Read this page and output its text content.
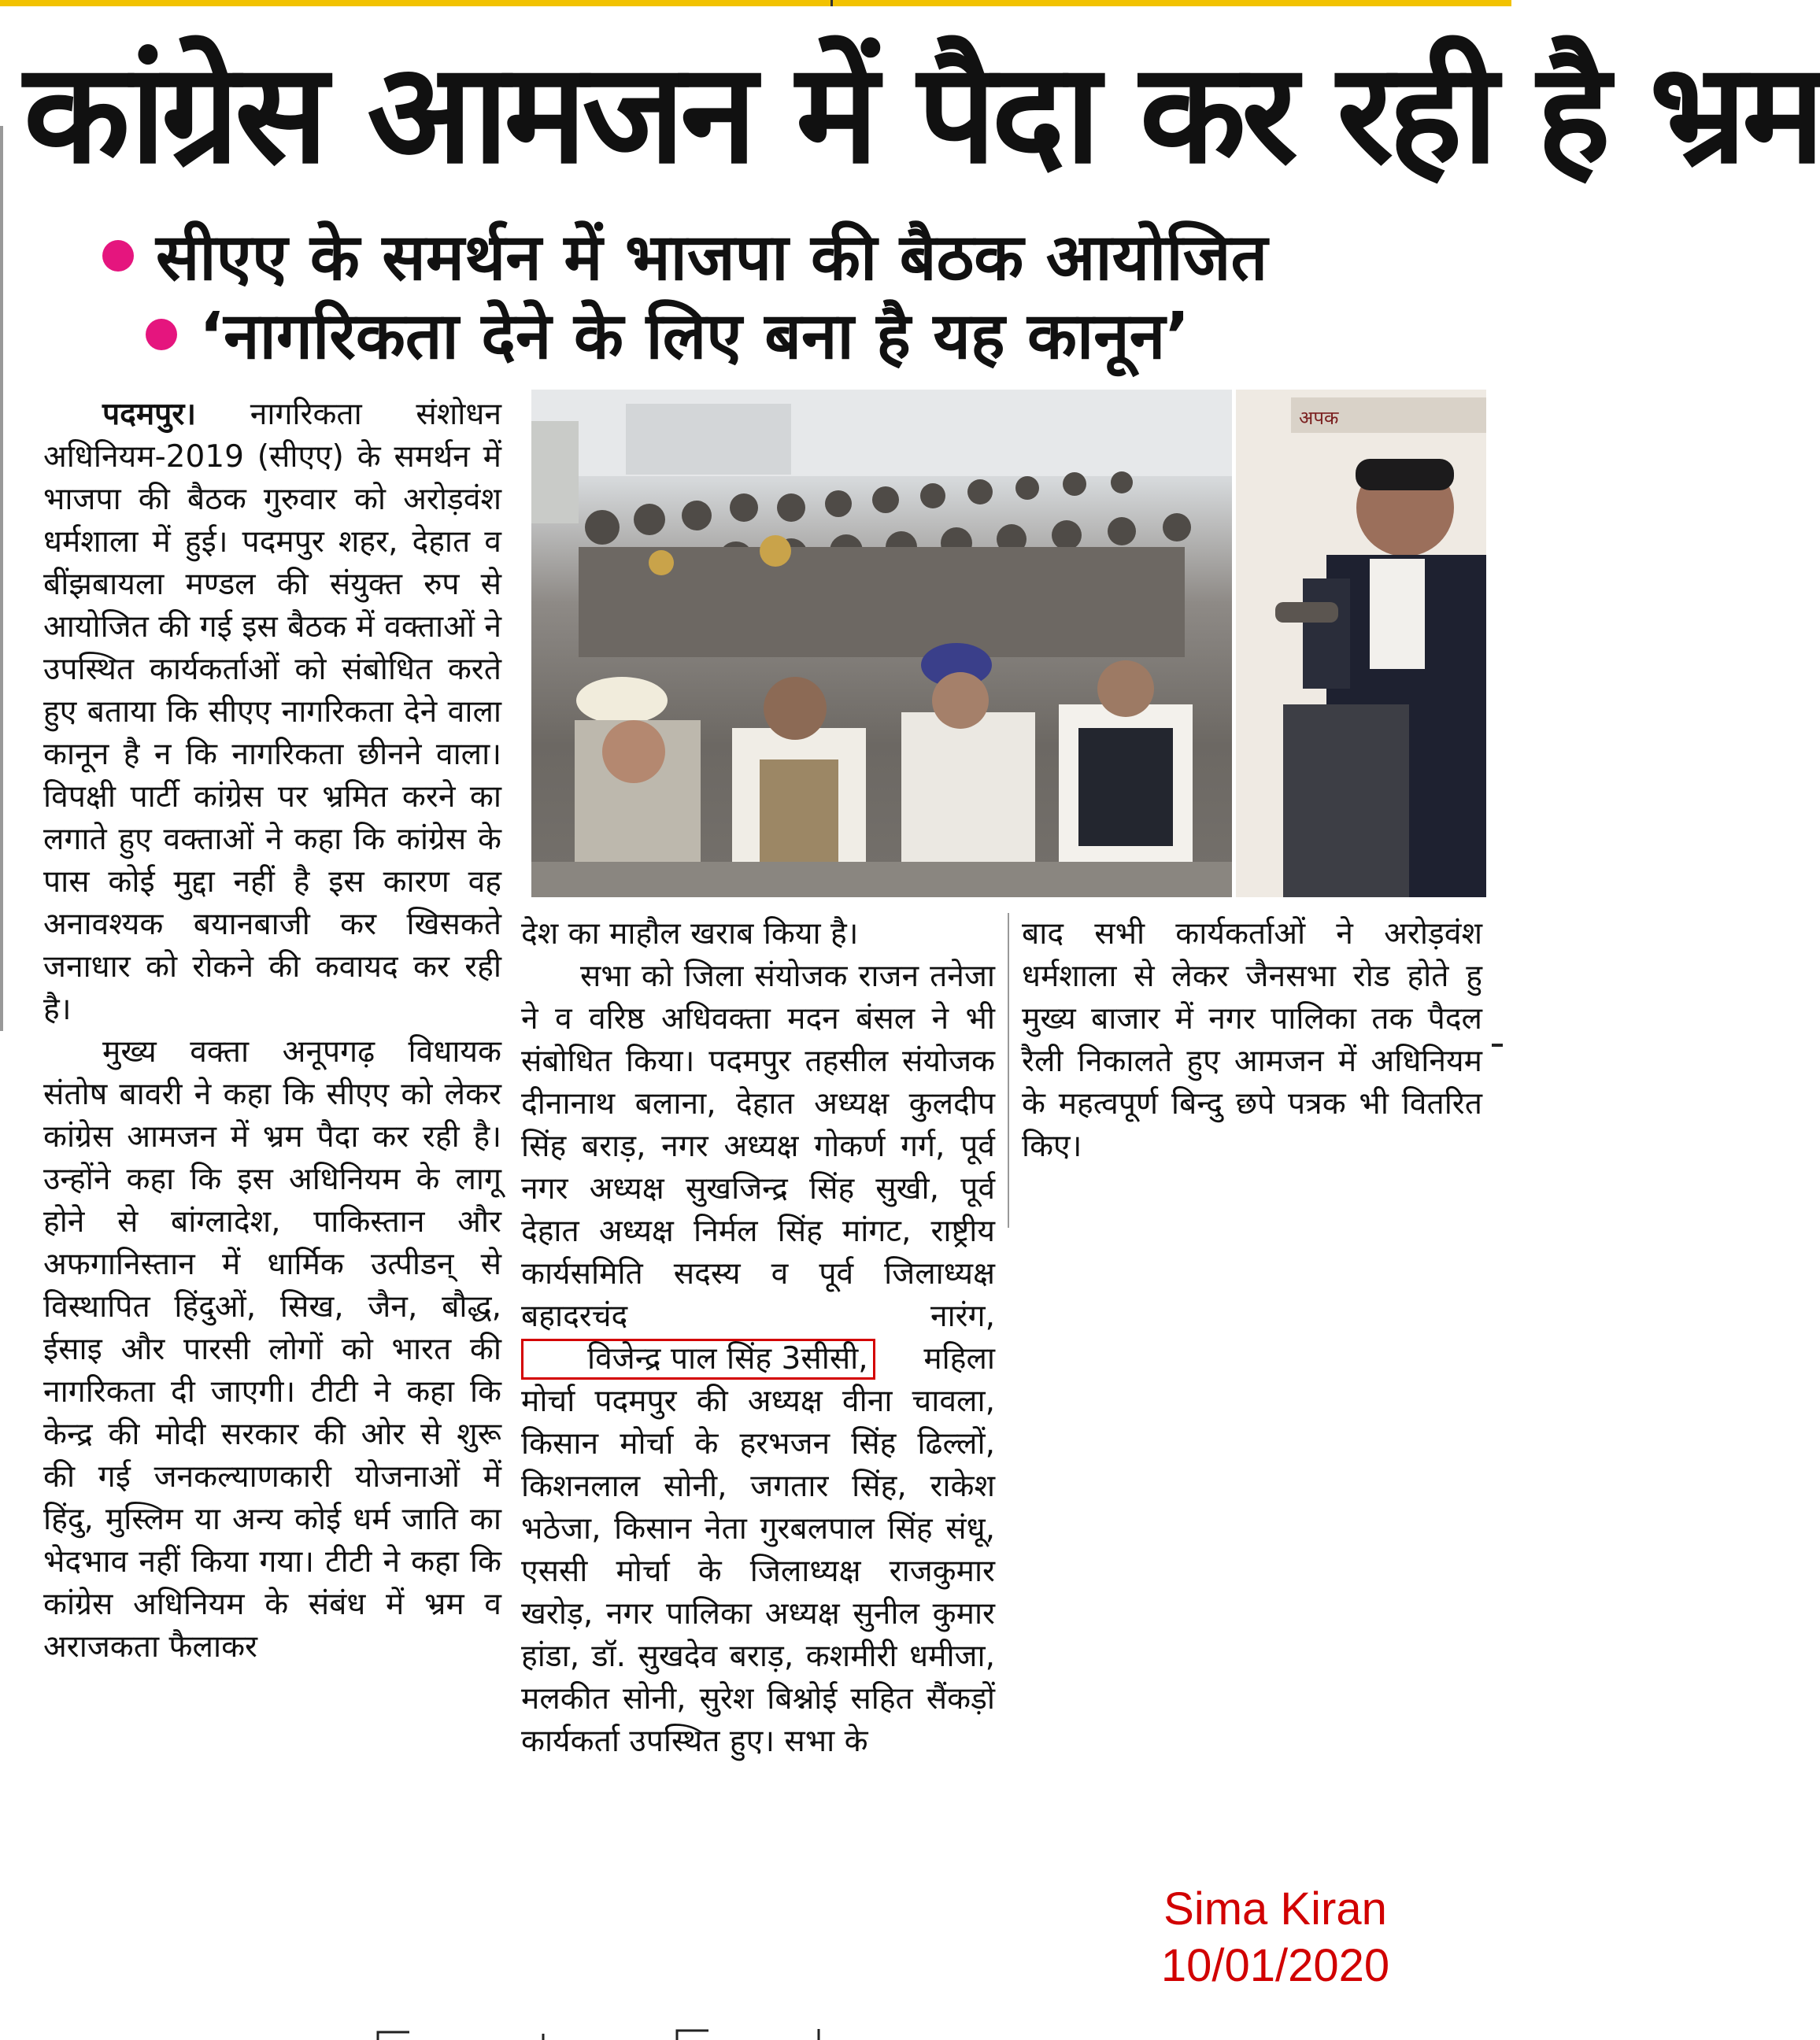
कांग्रेस आमजन में पैदा कर रही है भ्रम
सीएए के समर्थन में भाजपा की बैठक आयोजित
‘नागरिकता देने के लिए बना है यह कानून’

पदमपुर। नागरिकता संशोधन अधिनियम-2019 (सीएए) के समर्थन में भाजपा की बैठक गुरुवार को अरोड़वंश धर्मशाला में हुई। पदमपुर शहर, देहात व बींझबायला मण्डल की संयुक्त रुप से आयोजित की गई इस बैठक में वक्ताओं ने उपस्थित कार्यकर्ताओं को संबोधित करते हुए बताया कि सीएए नागरिकता देने वाला कानून है न कि नागरिकता छीनने वाला। विपक्षी पार्टी कांग्रेस पर भ्रमित करने का लगाते हुए वक्ताओं ने कहा कि कांग्रेस के पास कोई मुद्दा नहीं है इस कारण वह अनावश्यक बयानबाजी कर खिसकते जनाधार को रोकने की कवायद कर रही है।

मुख्य वक्ता अनूपगढ़ विधायक संतोष बावरी ने कहा कि सीएए को लेकर कांग्रेस आमजन में भ्रम पैदा कर रही है। उन्होंने कहा कि इस अधिनियम के लागू होने से बांग्लादेश, पाकिस्तान और अफगानिस्तान में धार्मिक उत्पीडन् से विस्थापित हिंदुओं, सिख, जैन, बौद्ध, ईसाइ और पारसी लोगों को भारत की नागरिकता दी जाएगी। टीटी ने कहा कि केन्द्र की मोदी सरकार की ओर से शुरू की गई जनकल्याणकारी योजनाओं में हिंदु, मुस्लिम या अन्य कोई धर्म जाति का भेदभाव नहीं किया गया। टीटी ने कहा कि कांग्रेस अधिनियम के संबंध में भ्रम व अराजकता फैलाकर

अपक

देश का माहौल खराब किया है।

सभा को जिला संयोजक राजन तनेजा ने व वरिष्ठ अधिवक्ता मदन बंसल ने भी संबोधित किया। पदमपुर तहसील संयोजक दीनानाथ बलाना, देहात अध्यक्ष कुलदीप सिंह बराड़, नगर अध्यक्ष गोकर्ण गर्ग, पूर्व नगर अध्यक्ष सुखजिन्द्र सिंह सुखी, पूर्व देहात अध्यक्ष निर्मल सिंह मांगट, राष्ट्रीय कार्यसमिति सदस्य व पूर्व जिलाध्यक्ष बहादरचंद नारंग, विजेन्द्र पाल सिंह 3सीसी, महिला मोर्चा पदमपुर की अध्यक्ष वीना चावला, किसान मोर्चा के हरभजन सिंह ढिल्लों, किशनलाल सोनी, जगतार सिंह, राकेश भठेजा, किसान नेता गुरबलपाल सिंह संधू, एससी मोर्चा के जिलाध्यक्ष राजकुमार खरोड़, नगर पालिका अध्यक्ष सुनील कुमार हांडा, डॉ. सुखदेव बराड़, कशमीरी धमीजा, मलकीत सोनी, सुरेश बिश्नोई सहित सैंकड़ों कार्यकर्ता उपस्थित हुए। सभा के

बाद सभी कार्यकर्ताओं ने अरोड़वंश धर्मशाला से लेकर जैनसभा रोड होते हु मुख्य बाजार में नगर पालिका तक पैदल रैली निकालते हुए आमजन में अधिनियम के महत्वपूर्ण बिन्दु छपे पत्रक भी वितरित किए।

Sima Kiran
10/01/2020
